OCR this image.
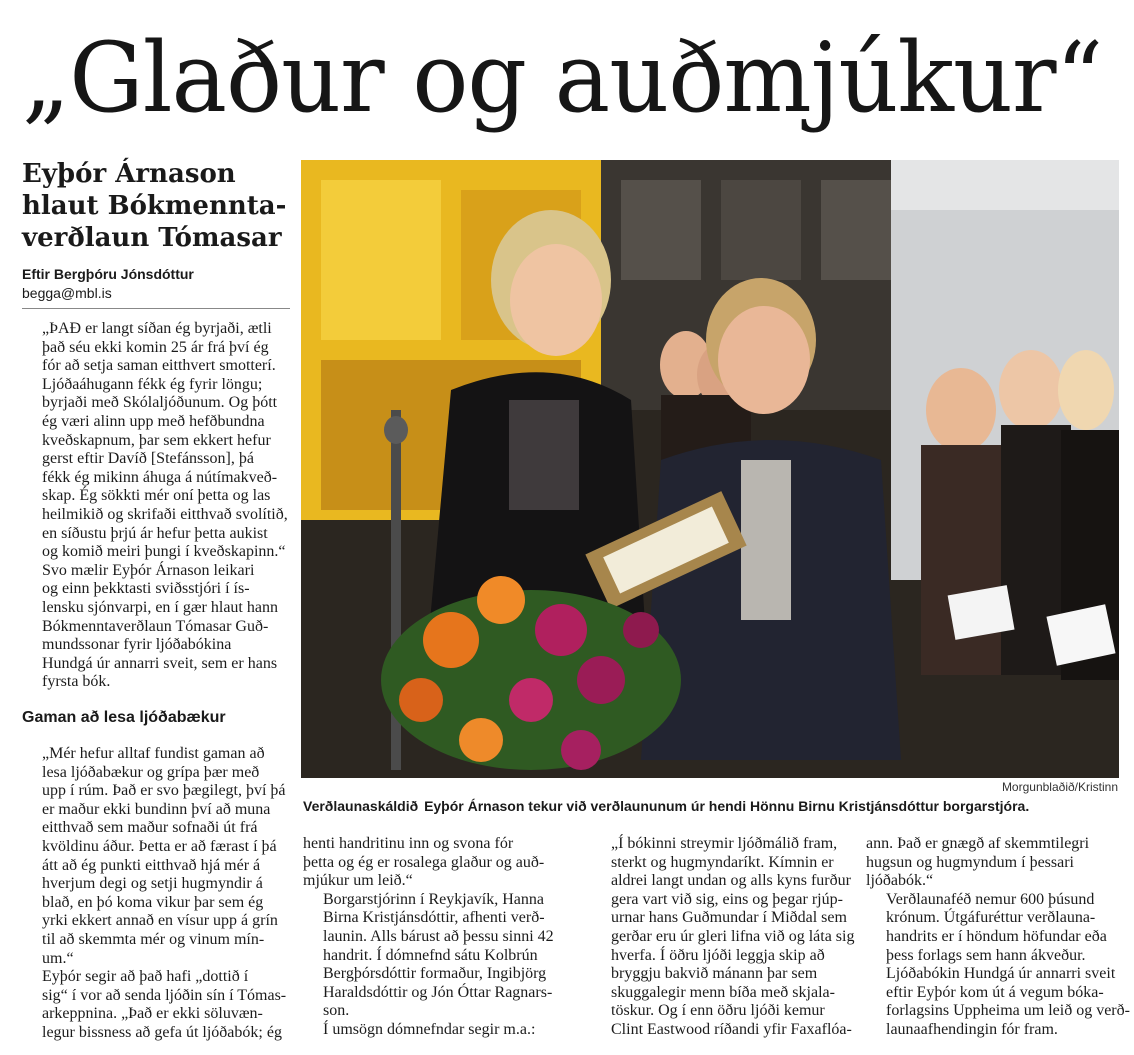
„Glaður og auðmjúkur“
Eyþór Árnason
hlaut Bókmennta-
verðlaun Tómasar
Eftir Bergþóru Jónsdóttur
begga@mbl.is

„ÞAÐ er langt síðan ég byrjaði, ætli
það séu ekki komin 25 ár frá því ég
fór að setja saman eitthvert smotterí.
Ljóðaáhugann fékk ég fyrir löngu;
byrjaði með Skólaljóðunum. Og þótt
ég væri alinn upp með hefðbundna
kveðskapnum, þar sem ekkert hefur
gerst eftir Davíð [Stefánsson], þá
fékk ég mikinn áhuga á nútímakveð-
skap. Ég sökkti mér oní þetta og las
heilmikið og skrifaði eitthvað svolítið,
en síðustu þrjú ár hefur þetta aukist
og komið meiri þungi í kveðskapinn.“

Svo mælir Eyþór Árnason leikari
og einn þekktasti sviðsstjóri í ís-
lensku sjónvarpi, en í gær hlaut hann
Bókmenntaverðlaun Tómasar Guð-
mundssonar fyrir ljóðabókina
Hundgá úr annarri sveit, sem er hans
fyrsta bók.

Gaman að lesa ljóðabækur

„Mér hefur alltaf fundist gaman að
lesa ljóðabækur og grípa þær með
upp í rúm. Það er svo þægilegt, því þá
er maður ekki bundinn því að muna
eitthvað sem maður sofnaði út frá
kvöldinu áður. Þetta er að færast í þá
átt að ég punkti eitthvað hjá mér á
hverjum degi og setji hugmyndir á
blað, en þó koma vikur þar sem ég
yrki ekkert annað en vísur upp á grín
til að skemmta mér og vinum mín-
um.“

Eyþór segir að það hafi „dottið í
sig“ í vor að senda ljóðin sín í Tómas-
arkeppnina. „Það er ekki söluvæn-
legur bissness að gefa út ljóðabók; ég

Morgunblaðið/Kristinn
Verðlaunaskáldið Eyþór Árnason tekur við verðlaununum úr hendi Hönnu Birnu Kristjánsdóttur borgarstjóra.

henti handritinu inn og svona fór
þetta og ég er rosalega glaður og auð-
mjúkur um leið.“

Borgarstjórinn í Reykjavík, Hanna
Birna Kristjánsdóttir, afhenti verð-
launin. Alls bárust að þessu sinni 42
handrit. Í dómnefnd sátu Kolbrún
Bergþórsdóttir formaður, Ingibjörg
Haraldsdóttir og Jón Óttar Ragnars-
son.

Í umsögn dómnefndar segir m.a.:

„Í bókinni streymir ljóðmálið fram,
sterkt og hugmyndaríkt. Kímnin er
aldrei langt undan og alls kyns furður
gera vart við sig, eins og þegar rjúp-
urnar hans Guðmundar í Miðdal sem
gerðar eru úr gleri lifna við og láta sig
hverfa. Í öðru ljóði leggja skip að
bryggju bakvið mánann þar sem
skuggalegir menn bíða með skjala-
töskur. Og í enn öðru ljóði kemur
Clint Eastwood ríðandi yfir Faxaflóa-

ann. Það er gnægð af skemmtilegri
hugsun og hugmyndum í þessari
ljóðabók.“

Verðlaunaféð nemur 600 þúsund
krónum. Útgáfuréttur verðlauna-
handrits er í höndum höfundar eða
þess forlags sem hann ákveður.
Ljóðabókin Hundgá úr annarri sveit
eftir Eyþór kom út á vegum bóka-
forlagsins Uppheima um leið og verð-
launaafhendingin fór fram.
